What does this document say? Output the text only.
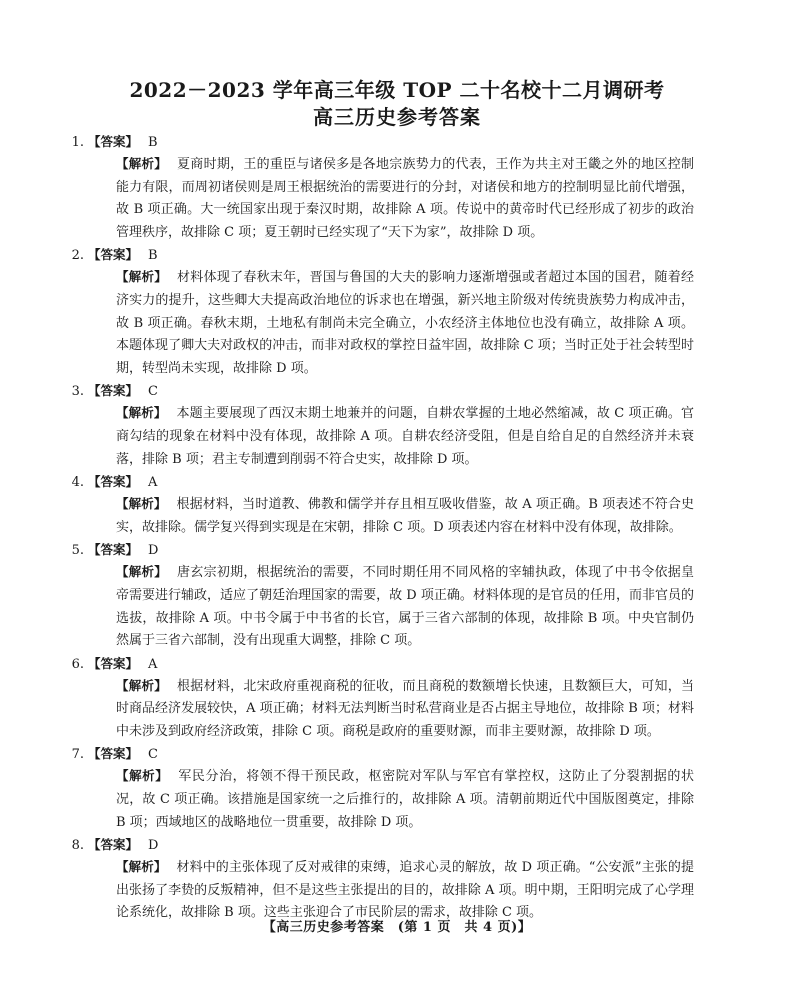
2022－2023 学年高三年级 TOP 二十名校十二月调研考
高三历史参考答案
1. 【答案】 B
【解析】 夏商时期，王的重臣与诸侯多是各地宗族势力的代表，王作为共主对王畿之外的地区控制能力有限，而周初诸侯则是周王根据统治的需要进行的分封，对诸侯和地方的控制明显比前代增强，故 B 项正确。大一统国家出现于秦汉时期，故排除 A 项。传说中的黄帝时代已经形成了初步的政治管理秩序，故排除 C 项；夏王朝时已经实现了“天下为家”，故排除 D 项。
2. 【答案】 B
【解析】 材料体现了春秋末年，晋国与鲁国的大夫的影响力逐渐增强或者超过本国的国君，随着经济实力的提升，这些卿大夫提高政治地位的诉求也在增强，新兴地主阶级对传统贵族势力构成冲击，故 B 项正确。春秋末期，土地私有制尚未完全确立，小农经济主体地位也没有确立，故排除 A 项。本题体现了卿大夫对政权的冲击，而非对政权的掌控日益牢固，故排除 C 项；当时正处于社会转型时期，转型尚未实现，故排除 D 项。
3. 【答案】 C
【解析】 本题主要展现了西汉末期土地兼并的问题，自耕农掌握的土地必然缩减，故 C 项正确。官商勾结的现象在材料中没有体现，故排除 A 项。自耕农经济受阻，但是自给自足的自然经济并未衰落，排除 B 项；君主专制遭到削弱不符合史实，故排除 D 项。
4. 【答案】 A
【解析】 根据材料，当时道教、佛教和儒学并存且相互吸收借鉴，故 A 项正确。B 项表述不符合史实，故排除。儒学复兴得到实现是在宋朝，排除 C 项。D 项表述内容在材料中没有体现，故排除。
5. 【答案】 D
【解析】 唐玄宗初期，根据统治的需要，不同时期任用不同风格的宰辅执政，体现了中书令依据皇帝需要进行辅政，适应了朝廷治理国家的需要，故 D 项正确。材料体现的是官员的任用，而非官员的选拔，故排除 A 项。中书令属于中书省的长官，属于三省六部制的体现，故排除 B 项。中央官制仍然属于三省六部制，没有出现重大调整，排除 C 项。
6. 【答案】 A
【解析】 根据材料，北宋政府重视商税的征收，而且商税的数额增长快速，且数额巨大，可知，当时商品经济发展较快，A 项正确；材料无法判断当时私营商业是否占据主导地位，故排除 B 项；材料中未涉及到政府经济政策，排除 C 项。商税是政府的重要财源，而非主要财源，故排除 D 项。
7. 【答案】 C
【解析】 军民分治，将领不得干预民政，枢密院对军队与军官有掌控权，这防止了分裂割据的状况，故 C 项正确。该措施是国家统一之后推行的，故排除 A 项。清朝前期近代中国版图奠定，排除 B 项；西域地区的战略地位一贯重要，故排除 D 项。
8. 【答案】 D
【解析】 材料中的主张体现了反对戒律的束缚，追求心灵的解放，故 D 项正确。“公安派”主张的提出张扬了李贽的反叛精神，但不是这些主张提出的目的，故排除 A 项。明中期，王阳明完成了心学理论系统化，故排除 B 项。这些主张迎合了市民阶层的需求，故排除 C 项。
【高三历史参考答案　(第 1 页　共 4 页)】
